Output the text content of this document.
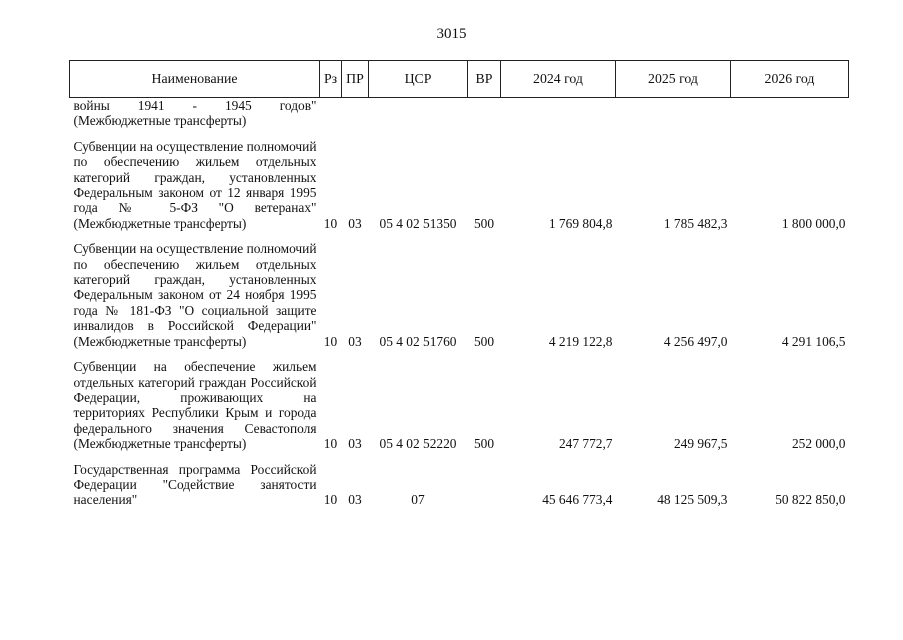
3015
Наименование	Рз	ПР	ЦСР	ВР	2024 год	2025 год	2026 год
войны 1941 - 1945 годов" (Межбюджетные трансферты)							

Субвенции на осуществление полномочий по обеспечению жильем отдельных категорий граждан, установленных Федеральным законом от 12 января 1995 года № 5-ФЗ "О ветеранах" (Межбюджетные трансферты)	10	03	05 4 02 51350	500	1 769 804,8	1 785 482,3	1 800 000,0

Субвенции на осуществление полномочий по обеспечению жильем отдельных категорий граждан, установленных Федеральным законом от 24 ноября 1995 года № 181-ФЗ "О социальной защите инвалидов в Российской Федерации" (Межбюджетные трансферты)	10	03	05 4 02 51760	500	4 219 122,8	4 256 497,0	4 291 106,5

Субвенции на обеспечение жильем отдельных категорий граждан Российской Федерации, проживающих на территориях Республики Крым и города федерального значения Севастополя (Межбюджетные трансферты)	10	03	05 4 02 52220	500	247 772,7	249 967,5	252 000,0

Государственная программа Российской Федерации "Содействие занятости населения"	10	03	07		45 646 773,4	48 125 509,3	50 822 850,0
